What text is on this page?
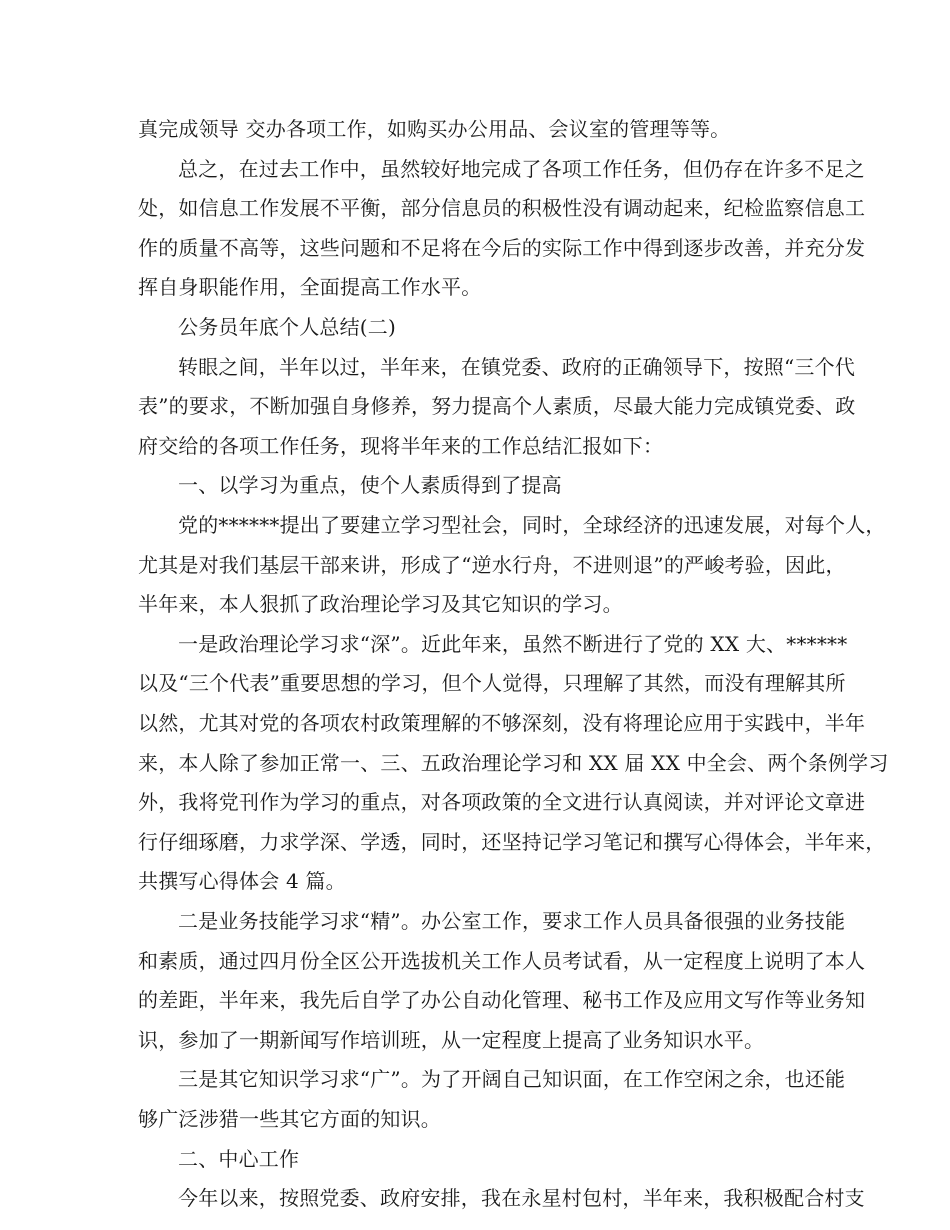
真完成领导 交办各项工作，如购买办公用品、会议室的管理等等。
总之，在过去工作中，虽然较好地完成了各项工作任务，但仍存在许多不足之
处，如信息工作发展不平衡，部分信息员的积极性没有调动起来，纪检监察信息工
作的质量不高等，这些问题和不足将在今后的实际工作中得到逐步改善，并充分发
挥自身职能作用，全面提高工作水平。
公务员年底个人总结(二)
转眼之间，半年以过，半年来，在镇党委、政府的正确领导下，按照“三个代
表”的要求，不断加强自身修养，努力提高个人素质，尽最大能力完成镇党委、政
府交给的各项工作任务，现将半年来的工作总结汇报如下：
一、以学习为重点，使个人素质得到了提高
党的******提出了要建立学习型社会，同时，全球经济的迅速发展，对每个人，
尤其是对我们基层干部来讲，形成了“逆水行舟，不进则退”的严峻考验，因此，
半年来，本人狠抓了政治理论学习及其它知识的学习。
一是政治理论学习求“深”。近此年来，虽然不断进行了党的 XX 大、******
以及“三个代表”重要思想的学习，但个人觉得，只理解了其然，而没有理解其所
以然，尤其对党的各项农村政策理解的不够深刻，没有将理论应用于实践中，半年
来，本人除了参加正常一、三、五政治理论学习和 XX 届 XX 中全会、两个条例学习
外，我将党刊作为学习的重点，对各项政策的全文进行认真阅读，并对评论文章进
行仔细琢磨，力求学深、学透，同时，还坚持记学习笔记和撰写心得体会，半年来，
共撰写心得体会 4 篇。
二是业务技能学习求“精”。办公室工作，要求工作人员具备很强的业务技能
和素质，通过四月份全区公开选拔机关工作人员考试看，从一定程度上说明了本人
的差距，半年来，我先后自学了办公自动化管理、秘书工作及应用文写作等业务知
识，参加了一期新闻写作培训班，从一定程度上提高了业务知识水平。
三是其它知识学习求“广”。为了开阔自己知识面，在工作空闲之余，也还能
够广泛涉猎一些其它方面的知识。
二、中心工作
今年以来，按照党委、政府安排，我在永星村包村，半年来，我积极配合村支
